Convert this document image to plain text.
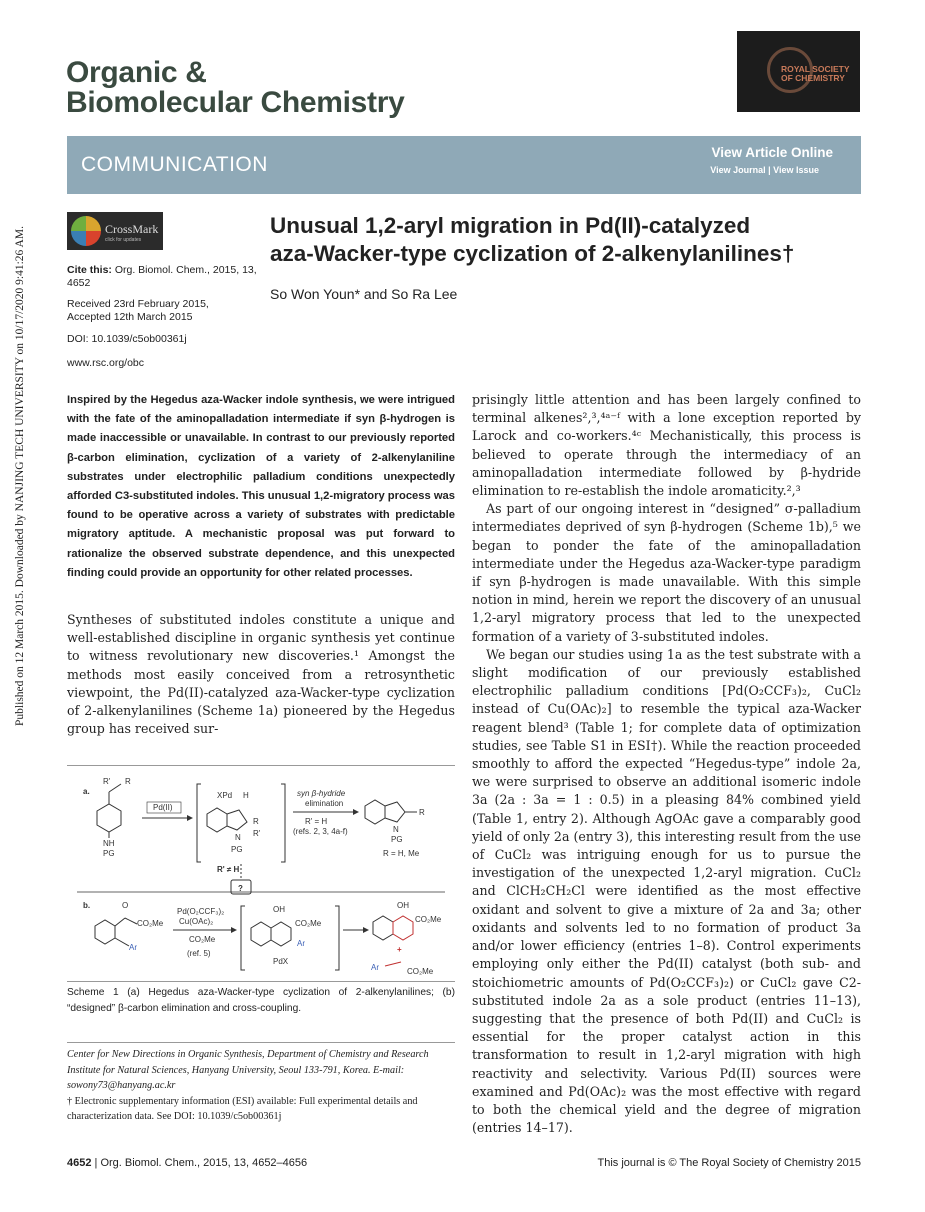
Published on 12 March 2015. Downloaded by NANJING TECH UNIVERSITY on 10/17/2020 9:41:26 AM.
Organic &
Biomolecular Chemistry
ROYAL SOCIETY
OF CHEMISTRY
COMMUNICATION
View Article Online
View Journal | View Issue
CrossMark
click for updates
Cite this: Org. Biomol. Chem., 2015, 13, 4652
Received 23rd February 2015,
Accepted 12th March 2015
DOI: 10.1039/c5ob00361j
www.rsc.org/obc
Unusual 1,2-aryl migration in Pd(II)-catalyzed
aza-Wacker-type cyclization of 2-alkenylanilines†
So Won Youn* and So Ra Lee
Inspired by the Hegedus aza-Wacker indole synthesis, we were intrigued with the fate of the aminopalladation intermediate if syn β-hydrogen is made inaccessible or unavailable. In contrast to our previously reported β-carbon elimination, cyclization of a variety of 2-alkenylaniline substrates under electrophilic palladium conditions unexpectedly afforded C3-substituted indoles. This unusual 1,2-migratory process was found to be operative across a variety of substrates with predictable migratory aptitude. A mechanistic proposal was put forward to rationalize the observed substrate dependence, and this unexpected finding could provide an opportunity for other related processes.
Syntheses of substituted indoles constitute a unique and well-established discipline in organic synthesis yet continue to witness revolutionary new discoveries.¹ Amongst the methods most easily conceived from a retrosynthetic viewpoint, the Pd(II)-catalyzed aza-Wacker-type cyclization of 2-alkenylanilines (Scheme 1a) pioneered by the Hegedus group has received sur-

prisingly little attention and has been largely confined to terminal alkenes²,³,⁴ᵃ⁻ᶠ with a lone exception reported by Larock and co-workers.⁴ᶜ Mechanistically, this process is believed to operate through the intermediacy of an aminopalladation intermediate followed by β-hydride elimination to re-establish the indole aromaticity.²,³

As part of our ongoing interest in “designed” σ-palladium intermediates deprived of syn β-hydrogen (Scheme 1b),⁵ we began to ponder the fate of the aminopalladation intermediate under the Hegedus aza-Wacker-type paradigm if syn β-hydrogen is made unavailable. With this simple notion in mind, herein we report the discovery of an unusual 1,2-aryl migratory process that led to the unexpected formation of a variety of 3-substituted indoles.

We began our studies using 1a as the test substrate with a slight modification of our previously established electrophilic palladium conditions [Pd(O₂CCF₃)₂, CuCl₂ instead of Cu(OAc)₂] to resemble the typical aza-Wacker reagent blend³ (Table 1; for complete data of optimization studies, see Table S1 in ESI†). While the reaction proceeded smoothly to afford the expected “Hegedus-type” indole 2a, we were surprised to observe an additional isomeric indole 3a (2a : 3a = 1 : 0.5) in a pleasing 84% combined yield (Table 1, entry 2). Although AgOAc gave a comparably good yield of only 2a (entry 3), this interesting result from the use of CuCl₂ was intriguing enough for us to pursue the investigation of the unexpected 1,2-aryl migration. CuCl₂ and ClCH₂CH₂Cl were identified as the most effective oxidant and solvent to give a mixture of 2a and 3a; other oxidants and solvents led to no formation of product 3a and/or lower efficiency (entries 1–8). Control experiments employing only either the Pd(II) catalyst (both sub- and stoichiometric amounts of Pd(O₂CCF₃)₂) or CuCl₂ gave C2-substituted indole 2a as a sole product (entries 11–13), suggesting that the presence of both Pd(II) and CuCl₂ is essential for the proper catalyst action in this transformation to result in 1,2-aryl migration with high reactivity and selectivity. Various Pd(II) sources were examined and Pd(OAc)₂ was the most effective with regard to both the chemical yield and the degree of migration (entries 14–17).

a.
R' R
NH
PG
Pd(II)
XPd H
N
R
R'
PG
R' ≠ H
?
syn β-hydride
elimination
R' = H
(refs. 2, 3, 4a-f)
R
N
PG
R = H, Me
b.	O
CO₂Me
Ar
Pd(O₂CCF₃)₂
Cu(OAc)₂
CO₂Me
(ref. 5)
OH
CO₂Me
Ar
PdX
OH
CO₂Me
+
Ar	CO₂Me
Scheme 1 (a) Hegedus aza-Wacker-type cyclization of 2-alkenylanilines; (b) “designed” β-carbon elimination and cross-coupling.
Center for New Directions in Organic Synthesis, Department of Chemistry and Research Institute for Natural Sciences, Hanyang University, Seoul 133-791, Korea. E-mail: sowony73@hanyang.ac.kr
† Electronic supplementary information (ESI) available: Full experimental details and characterization data. See DOI: 10.1039/c5ob00361j
4652 | Org. Biomol. Chem., 2015, 13, 4652–4656	This journal is © The Royal Society of Chemistry 2015
